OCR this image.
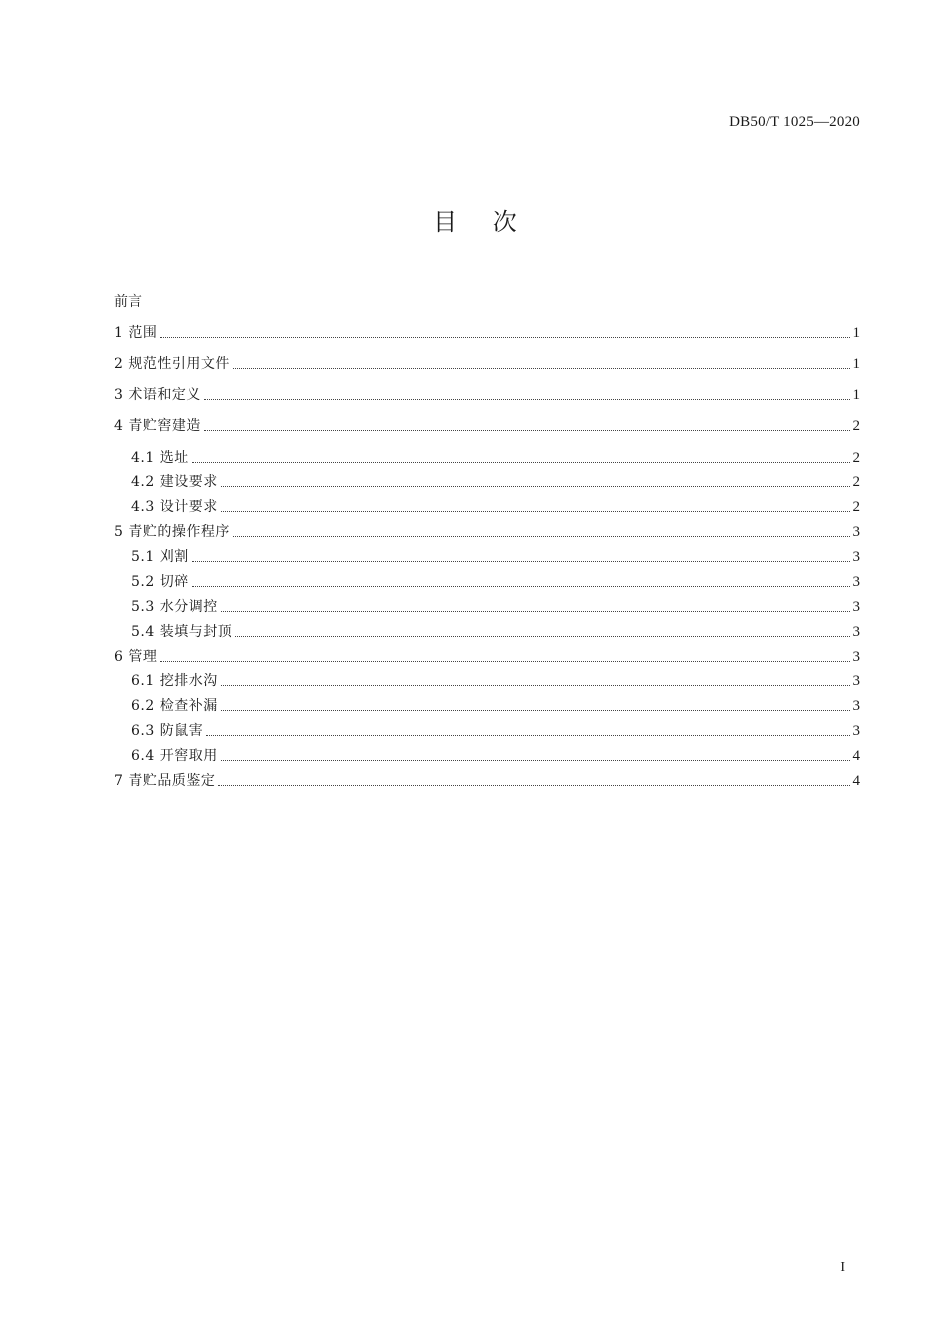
DB50/T 1025—2020
目 次
前言
1 范围	1
2 规范性引用文件	1
3 术语和定义	1
4 青贮窖建造	2
4.1 选址	2
4.2 建设要求	2
4.3 设计要求	2
5 青贮的操作程序	3
5.1 刈割	3
5.2 切碎	3
5.3 水分调控	3
5.4 装填与封顶	3
6 管理	3
6.1 挖排水沟	3
6.2 检查补漏	3
6.3 防鼠害	3
6.4 开窖取用	4
7 青贮品质鉴定	4
I
